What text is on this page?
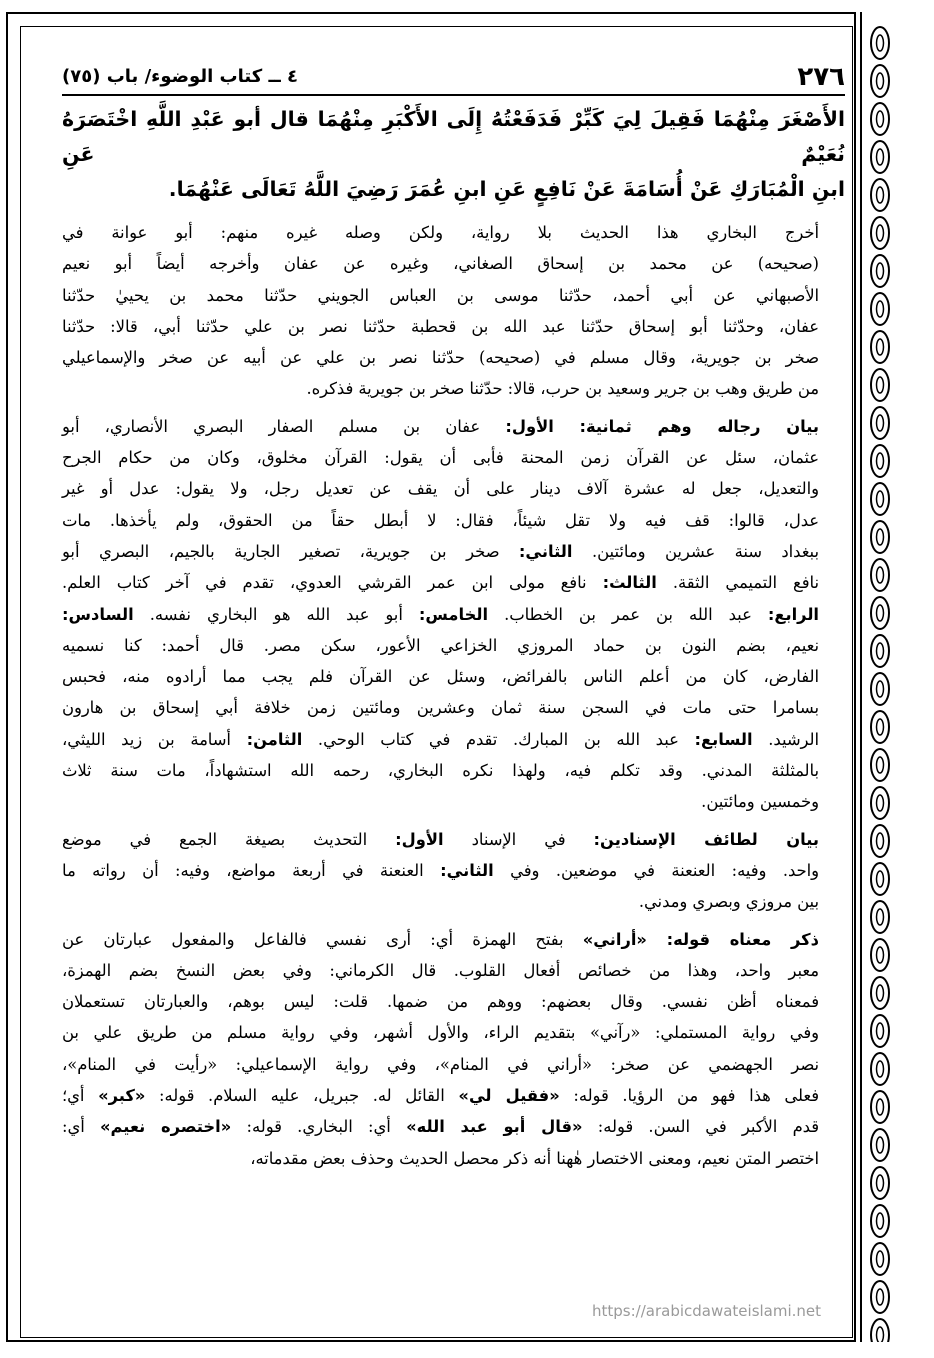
٢٧٦
٤ ــ كتاب الوضوء/ باب (٧٥)
الأَصْغَرَ مِنْهُمَا فَقِيلَ لِيَ كَبِّرْ فَدَفَعْتُهُ إِلَى الأَكْبَرِ مِنْهُمَا قال أبو عَبْدِ اللَّهِ اخْتَصَرَهُ نُعَيْمٌ عَنِ
ابنِ الْمُبَارَكِ عَنْ أُسَامَةَ عَنْ نَافِعٍ عَنِ ابنِ عُمَرَ رَضِيَ اللَّهُ تَعَالَى عَنْهُمَا.
أخرج البخاري هذا الحديث بلا رواية، ولكن وصله غيره منهم: أبو عوانة في
(صحيحه) عن محمد بن إسحاق الصغاني، وغيره عن عفان وأخرجه أيضاً أبو نعيم
الأصبهاني عن أبي أحمد، حدّثنا موسى بن العباس الجويني حدّثنا محمد بن يحييٰ حدّثنا
عفان، وحدّثنا أبو إسحاق حدّثنا عبد الله بن قحطبة حدّثنا نصر بن علي حدّثنا أبي، قالا: حدّثنا
صخر بن جويرية، وقال مسلم في (صحيحه) حدّثنا نصر بن علي عن أبيه عن صخر والإسماعيلي
من طريق وهب بن جرير وسعيد بن حرب، قالا: حدّثنا صخر بن جويرية فذكره.
بيان رجاله وهم ثمانية: الأول: عفان بن مسلم الصفار البصري الأنصاري، أبو
عثمان، سئل عن القرآن زمن المحنة فأبى أن يقول: القرآن مخلوق، وكان من حكام الجرح
والتعديل، جعل له عشرة آلاف دينار على أن يقف عن تعديل رجل، ولا يقول: عدل أو غير
عدل، قالوا: قف فيه ولا تقل شيئاً، فقال: لا أبطل حقاً من الحقوق، ولم يأخذها. مات
ببغداد سنة عشرين ومائتين. الثاني: صخر بن جويرية، تصغير الجارية بالجيم، البصري أبو
نافع التميمي الثقة. الثالث: نافع مولى ابن عمر القرشي العدوي، تقدم في آخر كتاب العلم.
الرابع: عبد الله بن عمر بن الخطاب. الخامس: أبو عبد الله هو البخاري نفسه. السادس:
نعيم، بضم النون بن حماد المروزي الخزاعي الأعور، سكن مصر. قال أحمد: كنا نسميه
الفارض، كان من أعلم الناس بالفرائض، وسئل عن القرآن فلم يجب مما أرادوه منه، فحبس
بسامرا حتى مات في السجن سنة ثمان وعشرين ومائتين زمن خلافة أبي إسحاق بن هارون
الرشيد. السابع: عبد الله بن المبارك. تقدم في كتاب الوحي. الثامن: أسامة بن زيد الليثي،
بالمثلثة المدني. وقد تكلم فيه، ولهذا نكره البخاري، رحمه الله استشهاداً، مات سنة ثلاث
وخمسين ومائتين.
بيان لطائف الإسنادين: في الإسناد الأول: التحديث بصيغة الجمع في موضع
واحد. وفيه: العنعنة في موضعين. وفي الثاني: العنعنة في أربعة مواضع، وفيه: أن رواته ما
بين مروزي وبصري ومدني.
ذكر معناه قوله: «أراني» بفتح الهمزة أي: أرى نفسي فالفاعل والمفعول عبارتان عن
معبر واحد، وهذا من خصائص أفعال القلوب. قال الكرماني: وفي بعض النسخ بضم الهمزة،
فمعناه أظن نفسي. وقال بعضهم: ووهم من ضمها. قلت: ليس بوهم، والعبارتان تستعملان
وفي رواية المستملي: «رآني» بتقديم الراء، والأول أشهر، وفي رواية مسلم من طريق علي بن
نصر الجهضمي عن صخر: «أراني في المنام»، وفي رواية الإسماعيلي: «رأيت في المنام»،
فعلى هذا فهو من الرؤيا. قوله: «فقيل لي» القائل له. جبريل، عليه السلام. قوله: «كبر» أي؛
قدم الأكبر في السن. قوله: «قال أبو عبد الله» أي: البخاري. قوله: «اختصره نعيم» أي:
اختصر المتن نعيم، ومعنى الاختصار هٰهنا أنه ذكر محصل الحديث وحذف بعض مقدماته،
https://arabicdawateislami.net
